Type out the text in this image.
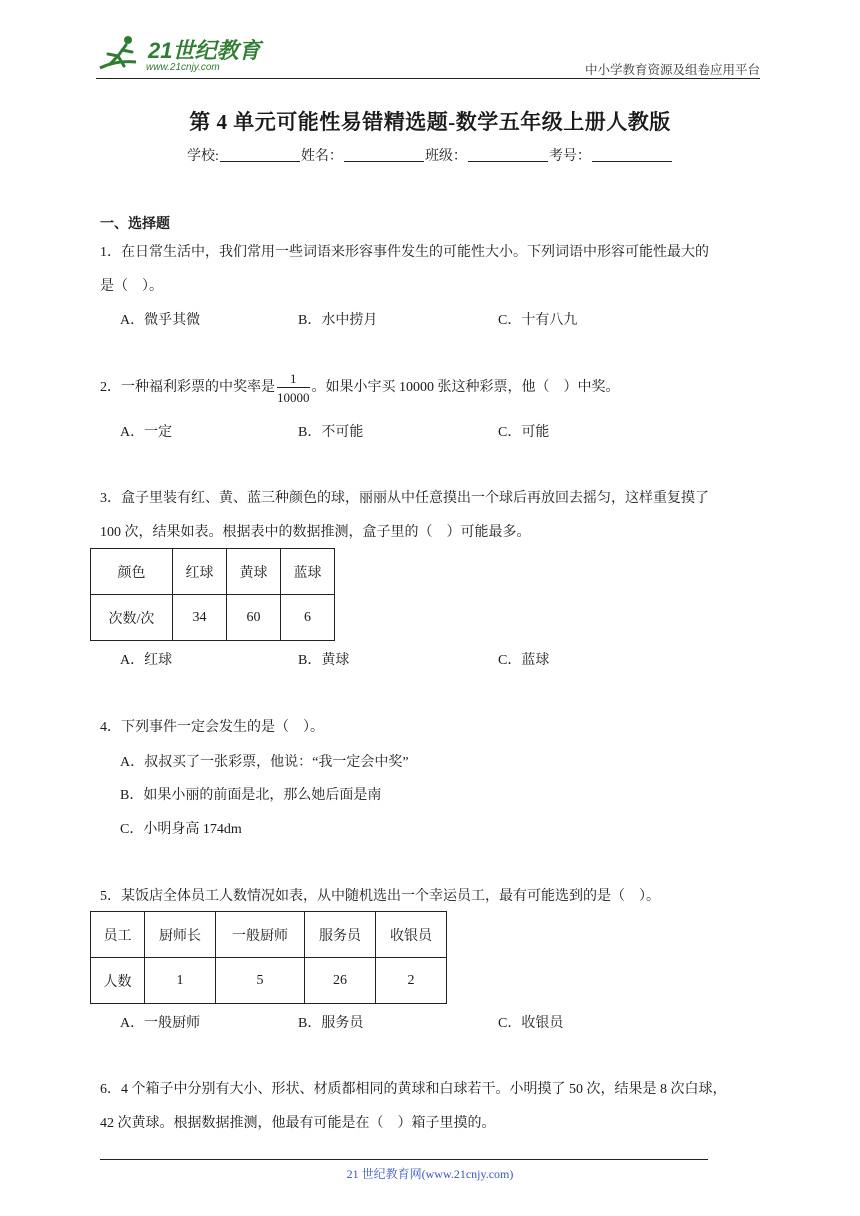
21世纪教育
www.21cnjy.com	中小学教育资源及组卷应用平台
第 4 单元可能性易错精选题-数学五年级上册人教版
学校:	姓名：	班级：	考号：
一、选择题
1．在日常生活中，我们常用一些词语来形容事件发生的可能性大小。下列词语中形容可能性最大的
是（　）。
A．微乎其微	B．水中捞月	C．十有八九
2．一种福利彩票的中奖率是 $\frac{1}{10000}$ 。如果小宇买 10000 张这种彩票，他（　）中奖。
A．一定	B．不可能	C．可能
3．盒子里装有红、黄、蓝三种颜色的球，丽丽从中任意摸出一个球后再放回去摇匀，这样重复摸了
100 次，结果如表。根据表中的数据推测，盒子里的（　）可能最多。
颜色	红球	黄球	蓝球
次数/次	34	60	6
A．红球	B．黄球	C．蓝球
4．下列事件一定会发生的是（　）。
A．叔叔买了一张彩票，他说：“我一定会中奖”
B．如果小丽的前面是北，那么她后面是南
C．小明身高 174dm
5．某饭店全体员工人数情况如表，从中随机选出一个幸运员工，最有可能选到的是（　）。
员工	厨师长	一般厨师	服务员	收银员
人数	1	5	26	2
A．一般厨师	B．服务员	C．收银员
6．4 个箱子中分别有大小、形状、材质都相同的黄球和白球若干。小明摸了 50 次，结果是 8 次白球，
42 次黄球。根据数据推测，他最有可能是在（　）箱子里摸的。
21 世纪教育网(www.21cnjy.com)
